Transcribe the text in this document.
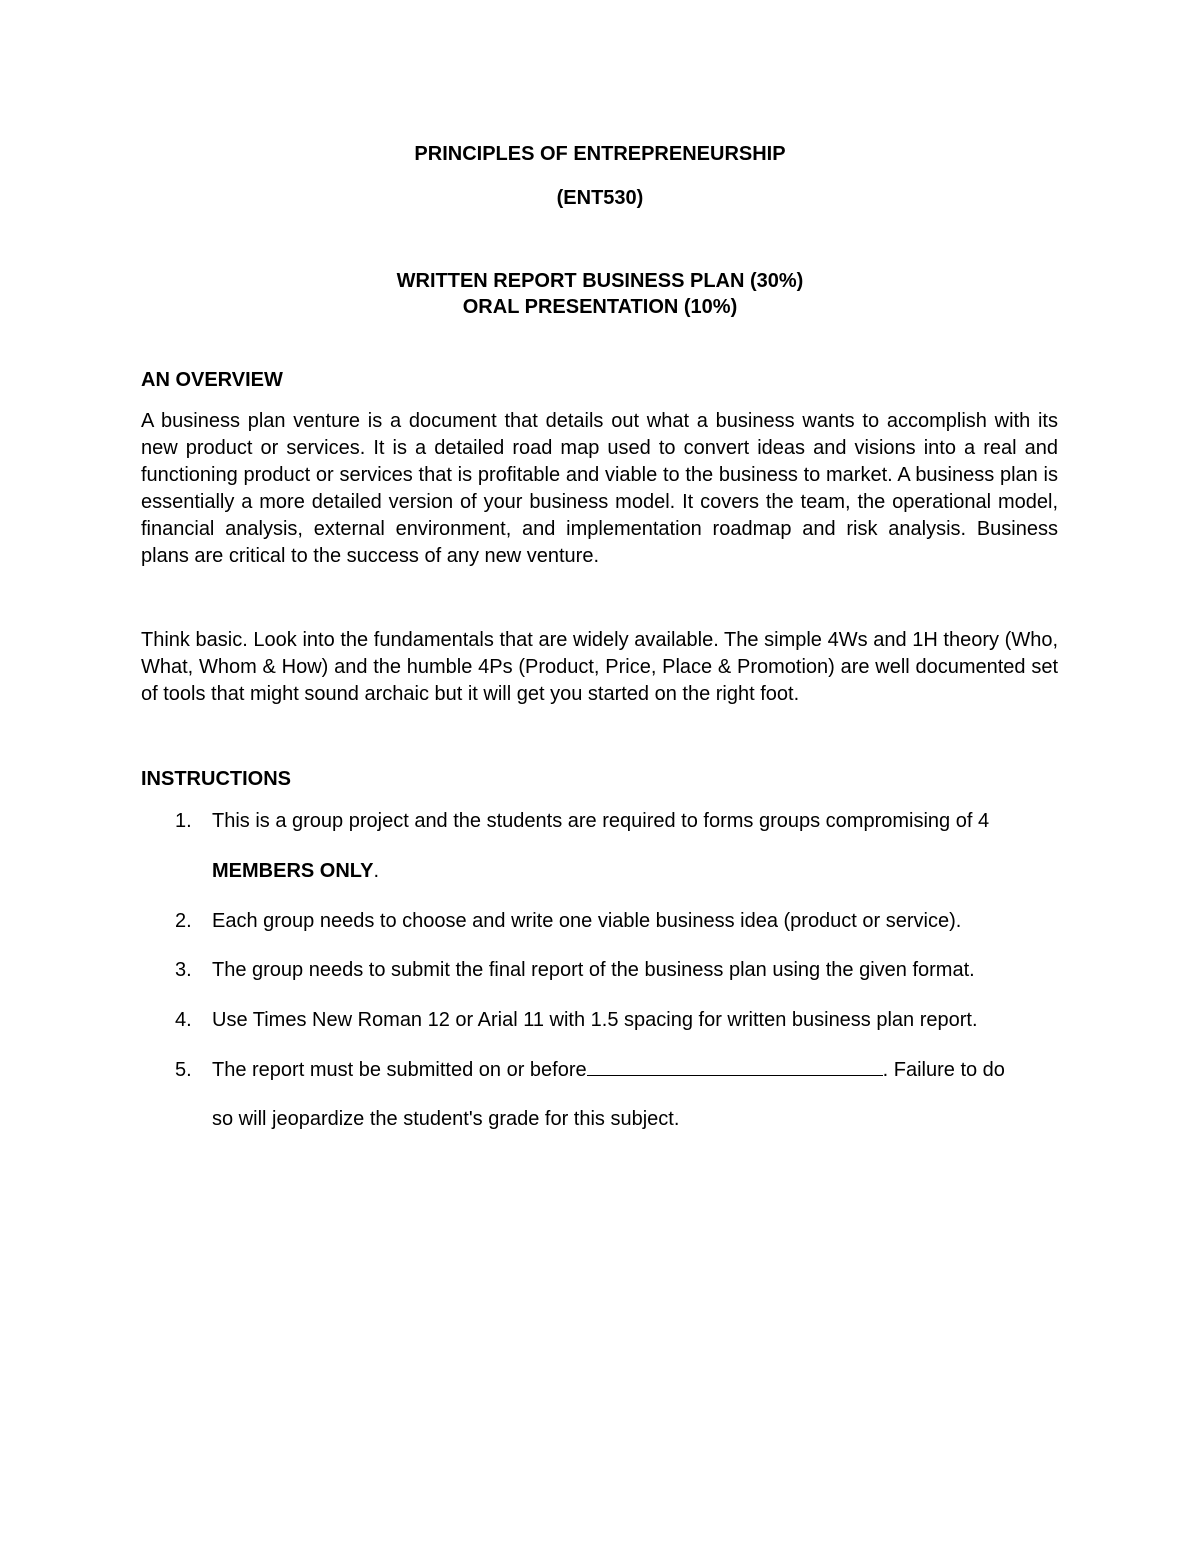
PRINCIPLES OF ENTREPRENEURSHIP
(ENT530)
WRITTEN REPORT BUSINESS PLAN (30%)
ORAL PRESENTATION (10%)
AN OVERVIEW

A business plan venture is a document that details out what a business wants to accomplish with its new product or services. It is a detailed road map used to convert ideas and visions into a real and functioning product or services that is profitable and viable to the business to market. A business plan is essentially a more detailed version of your business model. It covers the team, the operational model, financial analysis, external environment, and implementation roadmap and risk analysis. Business plans are critical to the success of any new venture.

Think basic. Look into the fundamentals that are widely available. The simple 4Ws and 1H theory (Who, What, Whom & How) and the humble 4Ps (Product, Price, Place & Promotion) are well documented set of tools that might sound archaic but it will get you started on the right foot.

INSTRUCTIONS
1. This is a group project and the students are required to forms groups compromising of 4
MEMBERS ONLY.
2. Each group needs to choose and write one viable business idea (product or service).
3. The group needs to submit the final report of the business plan using the given format.
4. Use Times New Roman 12 or Arial 11 with 1.5 spacing for written business plan report.
5. The report must be submitted on or before	. Failure to do
so will jeopardize the student's grade for this subject.
